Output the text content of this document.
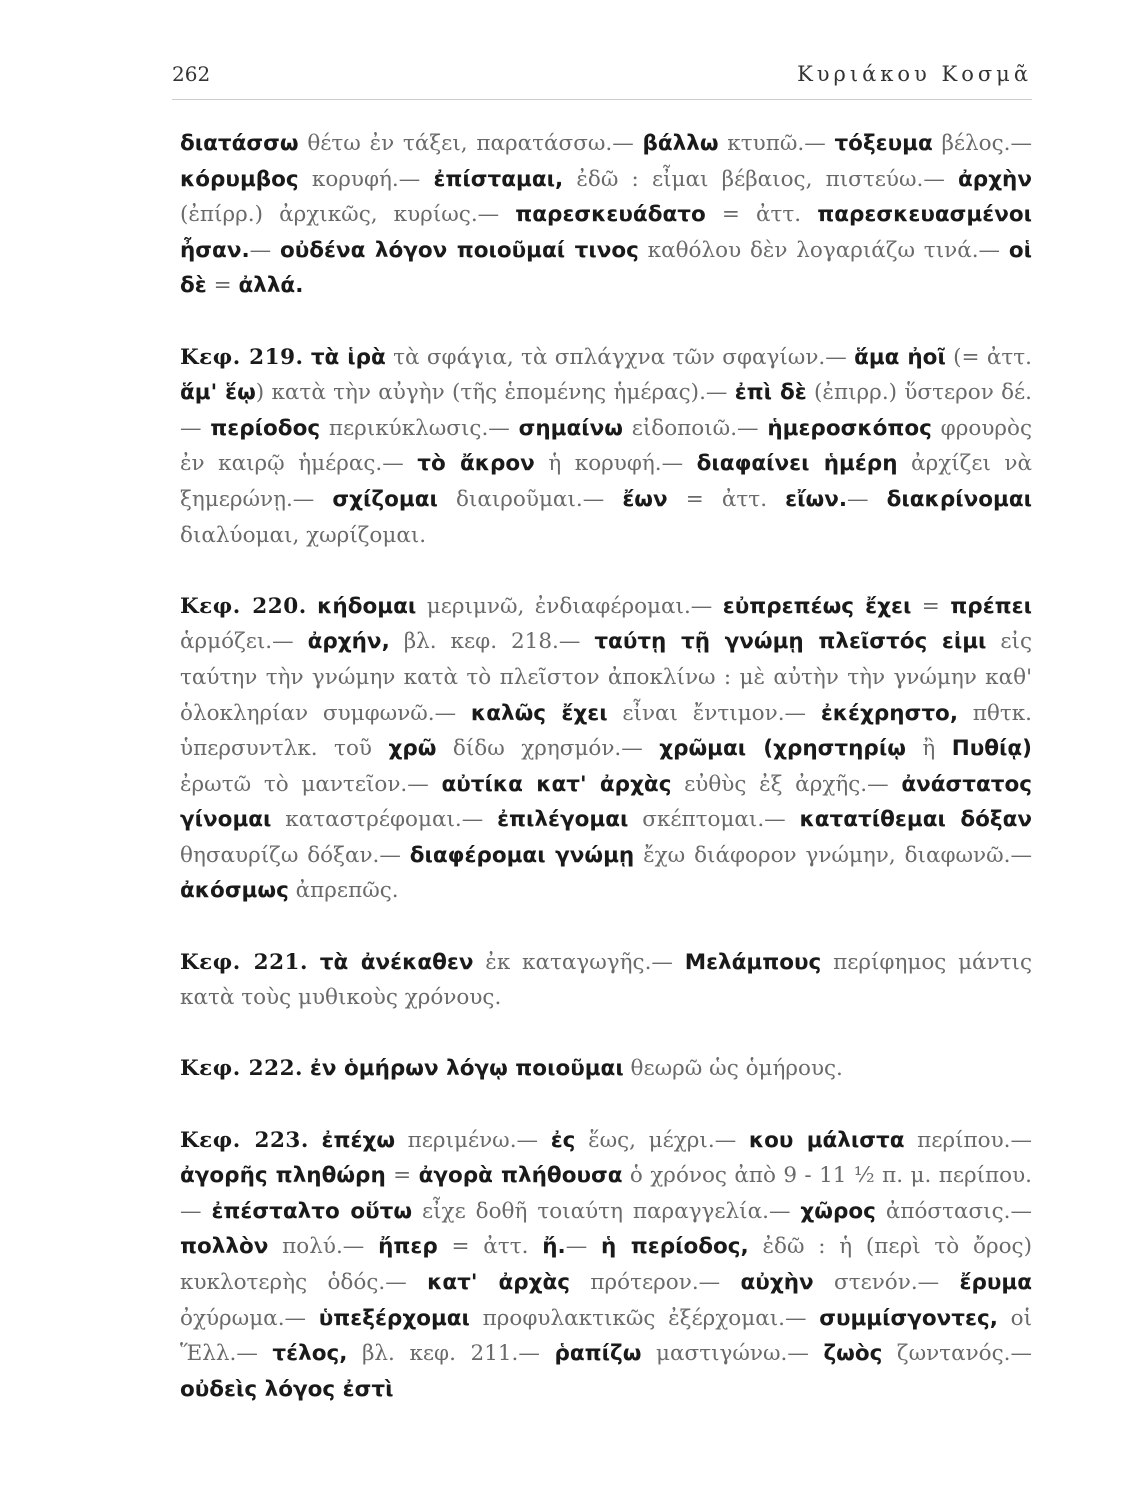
262	Κυριάκου Κοσμᾶ

διατάσσω θέτω ἐν τάξει, παρατάσσω.— βάλλω κτυπῶ.— τόξευμα βέλος.— κόρυμβος κορυφή.— ἐπίσταμαι, ἐδῶ : εἶμαι βέβαιος, πιστεύω.— ἀρχὴν (ἐπίρρ.) ἀρχικῶς, κυρίως.— παρεσκευάδατο = ἀττ. παρεσκευασμένοι ἦσαν.— οὐδένα λόγον ποιοῦμαί τινος καθόλου δὲν λογαριάζω τινά.— οἱ δὲ = ἀλλά.

Κεφ. 219. τὰ ἱρὰ τὰ σφάγια, τὰ σπλάγχνα τῶν σφαγίων.— ἅμα ἠοῖ (= ἀττ. ἅμ' ἕῳ) κατὰ τὴν αὐγὴν (τῆς ἑπομένης ἡμέρας).— ἐπὶ δὲ (ἐπιρρ.) ὕστερον δέ.— περίοδος περικύκλωσις.— σημαίνω εἰδοποιῶ.— ἡμεροσκόπος φρουρὸς ἐν καιρῷ ἡμέρας.— τὸ ἄκρον ἡ κορυφή.— διαφαίνει ἡμέρη ἀρχίζει νὰ ξημερώνῃ.— σχίζομαι διαιροῦμαι.— ἔων = ἀττ. εἴων.— διακρίνομαι διαλύομαι, χωρίζομαι.

Κεφ. 220. κήδομαι μεριμνῶ, ἐνδιαφέρομαι.— εὐπρεπέως ἔχει = πρέπει ἁρμόζει.— ἀρχήν, βλ. κεφ. 218.— ταύτῃ τῇ γνώμῃ πλεῖστός εἰμι εἰς ταύτην τὴν γνώμην κατὰ τὸ πλεῖστον ἀποκλίνω : μὲ αὐτὴν τὴν γνώμην καθ' ὁλοκληρίαν συμφωνῶ.— καλῶς ἔχει εἶναι ἔντιμον.— ἐκέχρηστο, πθτκ. ὑπερσυντλκ. τοῦ χρῶ δίδω χρησμόν.— χρῶμαι (χρηστηρίῳ ἢ Πυθίᾳ) ἐρωτῶ τὸ μαντεῖον.— αὐτίκα κατ' ἀρχὰς εὐθὺς ἐξ ἀρχῆς.— ἀνάστατος γίνομαι καταστρέφομαι.— ἐπιλέγομαι σκέπτομαι.— κατατίθεμαι δόξαν θησαυρίζω δόξαν.— διαφέρομαι γνώμῃ ἔχω διάφορον γνώμην, διαφωνῶ.— ἀκόσμως ἀπρεπῶς.

Κεφ. 221. τὰ ἀνέκαθεν ἐκ καταγωγῆς.— Μελάμπους περίφημος μάντις κατὰ τοὺς μυθικοὺς χρόνους.

Κεφ. 222. ἐν ὁμήρων λόγῳ ποιοῦμαι θεωρῶ ὡς ὁμήρους.

Κεφ. 223. ἐπέχω περιμένω.— ἐς ἕως, μέχρι.— κου μάλιστα περίπου.— ἀγορῆς πληθώρη = ἀγορὰ πλήθουσα ὁ χρόνος ἀπὸ 9 - 11 ½ π. μ. περίπου.— ἐπέσταλτο οὕτω εἶχε δοθῆ τοιαύτη παραγγελία.— χῶρος ἀπόστασις.— πολλὸν πολύ.— ἤπερ = ἀττ. ἤ.— ἡ περίοδος, ἐδῶ : ἡ (περὶ τὸ ὄρος) κυκλοτερὴς ὁδός.— κατ' ἀρχὰς πρότερον.— αὐχὴν στενόν.— ἔρυμα ὀχύρωμα.— ὑπεξέρχομαι προφυλακτικῶς ἐξέρχομαι.— συμμίσγοντες, οἱ Ἕλλ.— τέλος, βλ. κεφ. 211.— ῥαπίζω μαστιγώνω.— ζωὸς ζωντανός.— οὐδεὶς λόγος ἐστὶ
